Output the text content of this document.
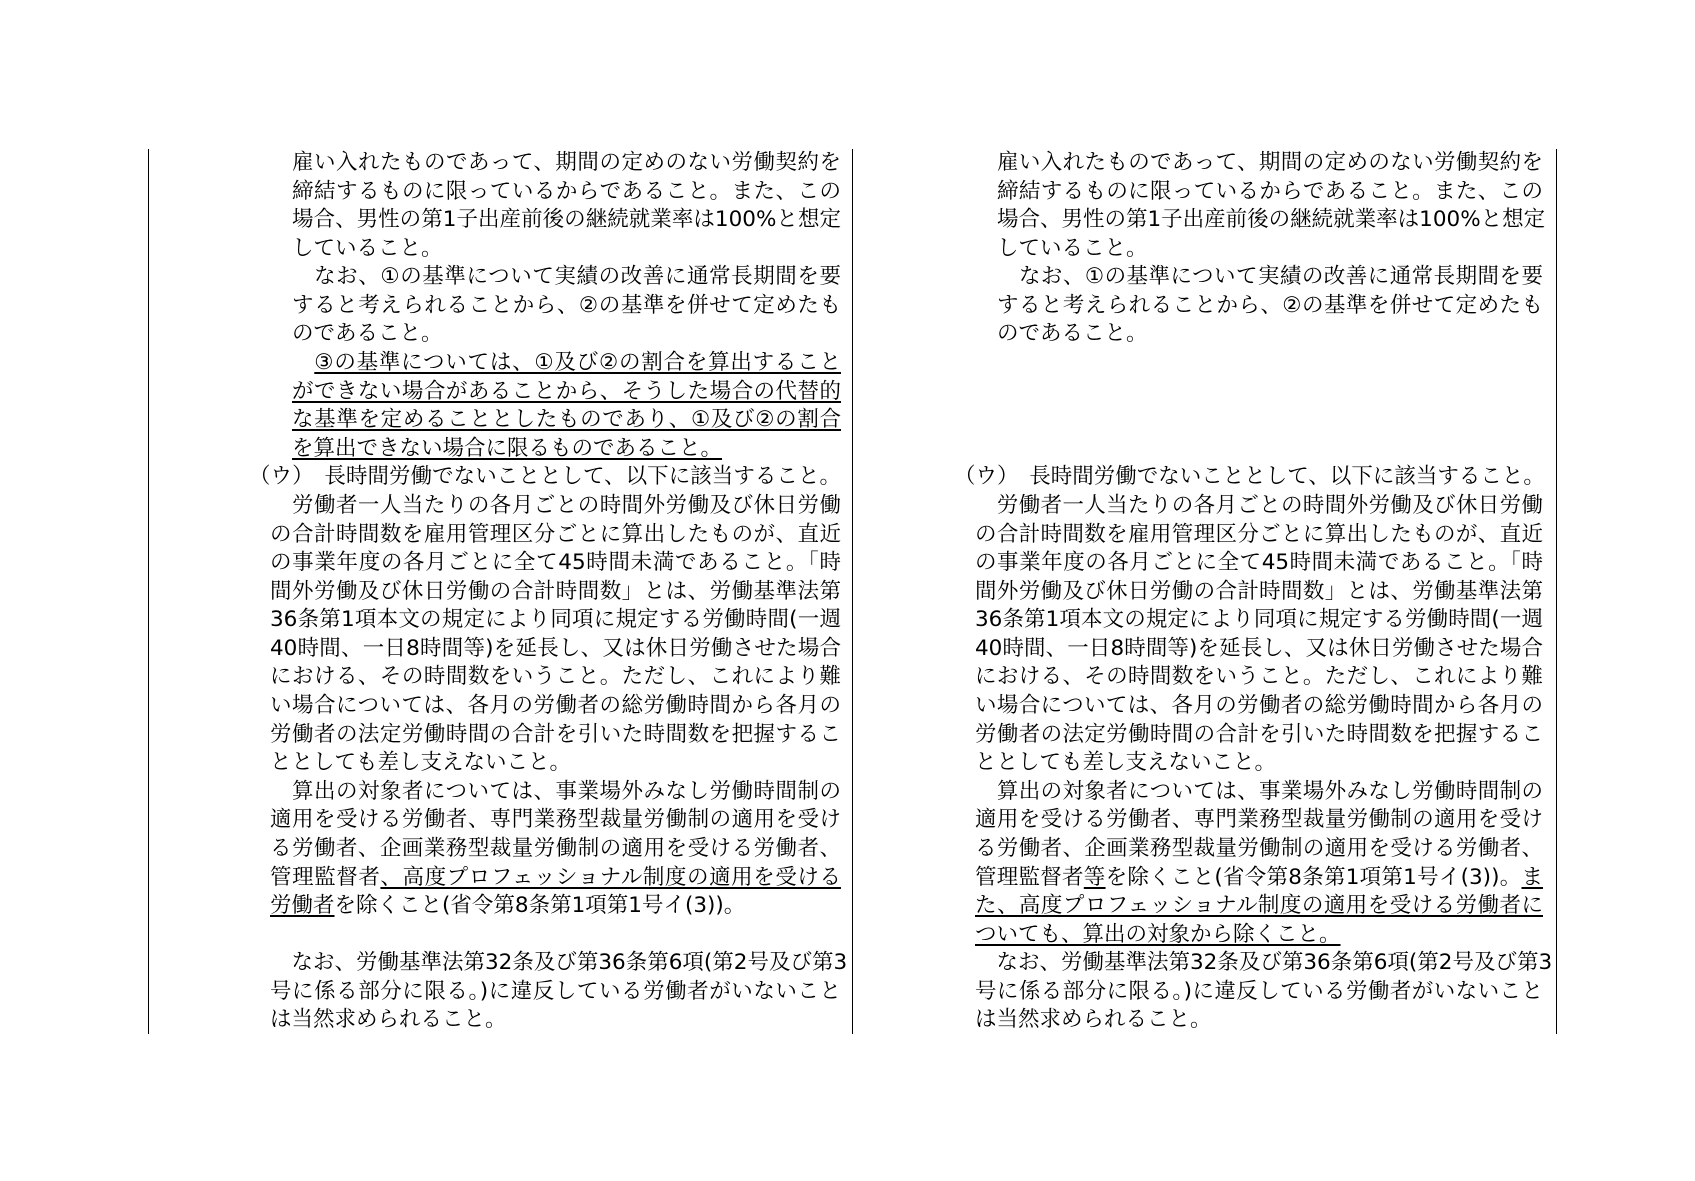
雇い入れたものであって、期間の定めのない労働契約を
締結するものに限っているからであること。また、この
場合、男性の第1子出産前後の継続就業率は100%と想定
していること。
　なお、①の基準について実績の改善に通常長期間を要
すると考えられることから、②の基準を併せて定めたも
のであること。
　③の基準については、①及び②の割合を算出すること
ができない場合があることから、そうした場合の代替的
な基準を定めることとしたものであり、①及び②の割合
を算出できない場合に限るものであること。
（ウ）　長時間労働でないこととして、以下に該当すること。
　労働者一人当たりの各月ごとの時間外労働及び休日労働
の合計時間数を雇用管理区分ごとに算出したものが、直近
の事業年度の各月ごとに全て45時間未満であること。「時
間外労働及び休日労働の合計時間数」とは、労働基準法第
36条第1項本文の規定により同項に規定する労働時間(一週
40時間、一日8時間等)を延長し、又は休日労働させた場合
における、その時間数をいうこと。ただし、これにより難
い場合については、各月の労働者の総労働時間から各月の
労働者の法定労働時間の合計を引いた時間数を把握するこ
ととしても差し支えないこと。
　算出の対象者については、事業場外みなし労働時間制の
適用を受ける労働者、専門業務型裁量労働制の適用を受け
る労働者、企画業務型裁量労働制の適用を受ける労働者、
管理監督者、高度プロフェッショナル制度の適用を受ける
労働者を除くこと(省令第8条第1項第1号イ(3))。
　なお、労働基準法第32条及び第36条第6項(第2号及び第3
号に係る部分に限る。)に違反している労働者がいないこと
は当然求められること。
雇い入れたものであって、期間の定めのない労働契約を
締結するものに限っているからであること。また、この
場合、男性の第1子出産前後の継続就業率は100%と想定
していること。
　なお、①の基準について実績の改善に通常長期間を要
すると考えられることから、②の基準を併せて定めたも
のであること。
（ウ）　長時間労働でないこととして、以下に該当すること。
　労働者一人当たりの各月ごとの時間外労働及び休日労働
の合計時間数を雇用管理区分ごとに算出したものが、直近
の事業年度の各月ごとに全て45時間未満であること。「時
間外労働及び休日労働の合計時間数」とは、労働基準法第
36条第1項本文の規定により同項に規定する労働時間(一週
40時間、一日8時間等)を延長し、又は休日労働させた場合
における、その時間数をいうこと。ただし、これにより難
い場合については、各月の労働者の総労働時間から各月の
労働者の法定労働時間の合計を引いた時間数を把握するこ
ととしても差し支えないこと。
　算出の対象者については、事業場外みなし労働時間制の
適用を受ける労働者、専門業務型裁量労働制の適用を受け
る労働者、企画業務型裁量労働制の適用を受ける労働者、
管理監督者等を除くこと(省令第8条第1項第1号イ(3))。ま
た、高度プロフェッショナル制度の適用を受ける労働者に
ついても、算出の対象から除くこと。
　なお、労働基準法第32条及び第36条第6項(第2号及び第3
号に係る部分に限る。)に違反している労働者がいないこと
は当然求められること。
